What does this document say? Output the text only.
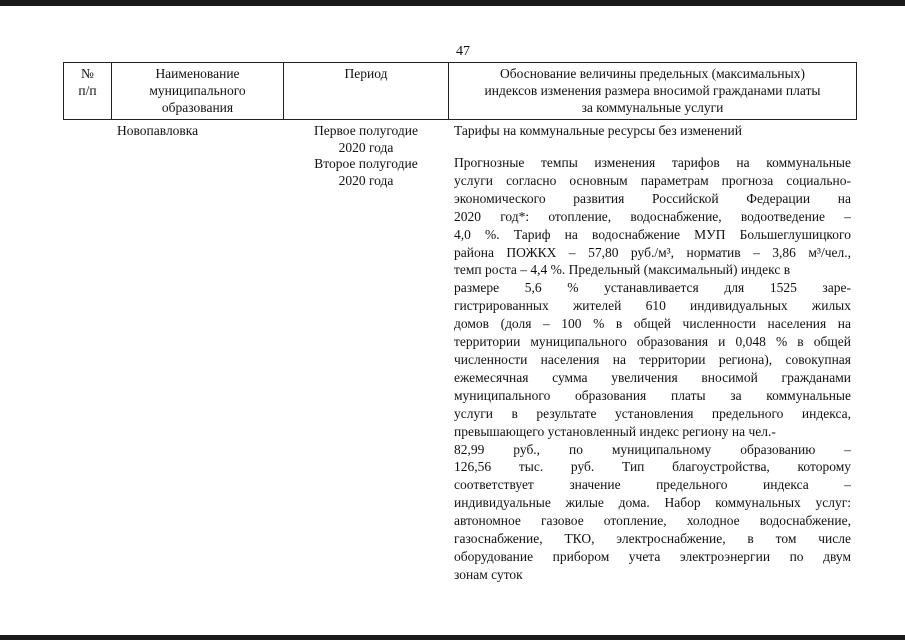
47
№
п/п
Наименование
муниципального
образования
Период	Обоснование величины предельных (максимальных)
индексов изменения размера вносимой гражданами платы
за коммунальные услуги
Новопавловка	Первое полугодие
2020 года
Второе полугодие
2020 года
Тарифы на коммунальные ресурсы без изменений
Прогнозные темпы изменения тарифов на коммунальные
услуги согласно основным параметрам прогноза социально-
экономического развития Российской Федерации на
2020 год*: отопление, водоснабжение, водоотведение –
4,0 %. Тариф на водоснабжение МУП Большеглушицкого
района ПОЖКХ – 57,80 руб./м³, норматив – 3,86 м³/чел.,
темп роста – 4,4 %. Предельный (максимальный) индекс в
размере 5,6 % устанавливается для 1525 заре-
гистрированных жителей 610 индивидуальных жилых
домов (доля – 100 % в общей численности населения на
территории муниципального образования и 0,048 % в общей
численности населения на территории региона), совокупная
ежемесячная сумма увеличения вносимой гражданами
муниципального образования платы за коммунальные
услуги в результате установления предельного индекса,
превышающего установленный индекс региону на чел.-
82,99 руб., по муниципальному образованию –
126,56 тыс. руб. Тип благоустройства, которому
соответствует значение предельного индекса –
индивидуальные жилые дома. Набор коммунальных услуг:
автономное газовое отопление, холодное водоснабжение,
газоснабжение, ТКО, электроснабжение, в том числе
оборудование прибором учета электроэнергии по двум
зонам суток
